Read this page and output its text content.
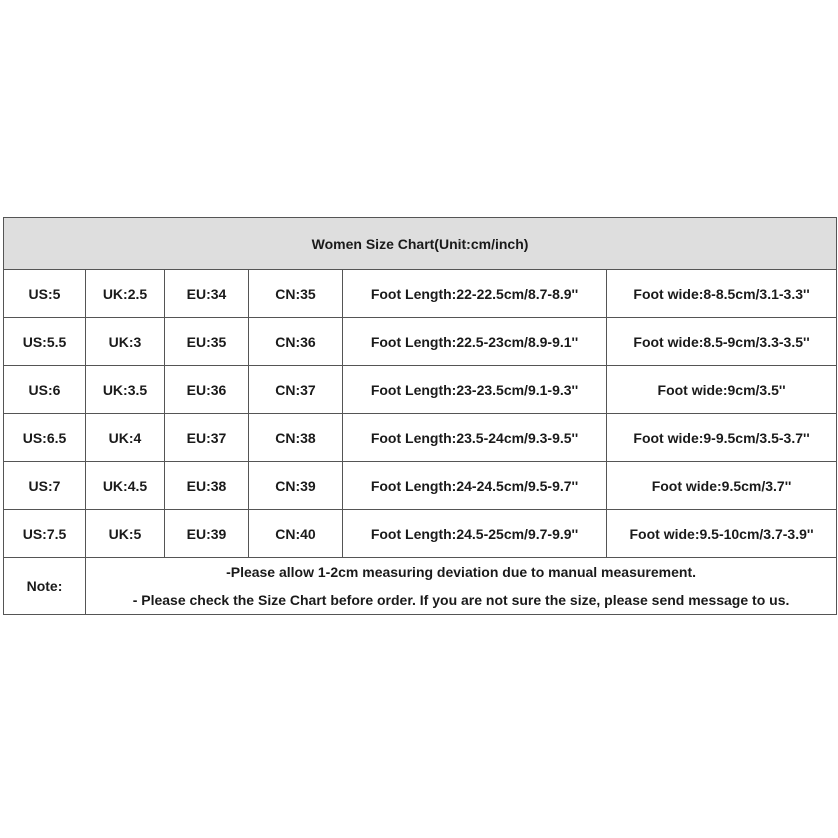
Women Size Chart(Unit:cm/inch)					
US:5	UK:2.5	EU:34	CN:35	Foot Length:22-22.5cm/8.7-8.9''	Foot wide:8-8.5cm/3.1-3.3''
US:5.5	UK:3	EU:35	CN:36	Foot Length:22.5-23cm/8.9-9.1''	Foot wide:8.5-9cm/3.3-3.5''
US:6	UK:3.5	EU:36	CN:37	Foot Length:23-23.5cm/9.1-9.3''	Foot wide:9cm/3.5''
US:6.5	UK:4	EU:37	CN:38	Foot Length:23.5-24cm/9.3-9.5''	Foot wide:9-9.5cm/3.5-3.7''
US:7	UK:4.5	EU:38	CN:39	Foot Length:24-24.5cm/9.5-9.7''	Foot wide:9.5cm/3.7''
US:7.5	UK:5	EU:39	CN:40	Foot Length:24.5-25cm/9.7-9.9''	Foot wide:9.5-10cm/3.7-3.9''
Note:	-Please allow 1-2cm measuring deviation due to manual measurement.
- Please check the Size Chart before order. If you are not sure the size, please send message to us.				
